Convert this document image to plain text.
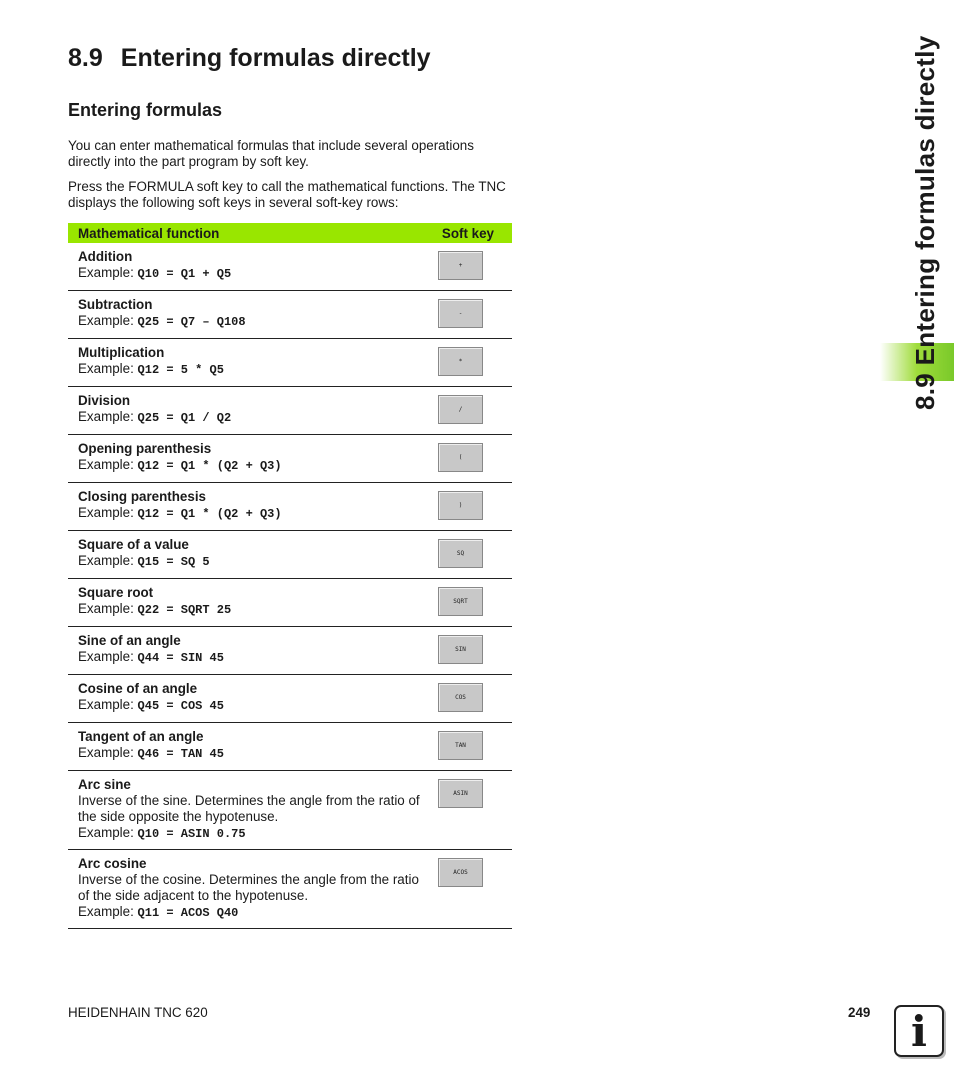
8.9 Entering formulas directly
Entering formulas

You can enter mathematical formulas that include several operations directly into the part program by soft key.

Press the FORMULA soft key to call the mathematical functions. The TNC displays the following soft keys in several soft-key rows:

Mathematical function	Soft key
Addition
Example: Q10 = Q1 + Q5
+
Subtraction
Example: Q25 = Q7 – Q108
-
Multiplication
Example: Q12 = 5 * Q5
*
Division
Example: Q25 = Q1 / Q2
/
Opening parenthesis
Example: Q12 = Q1 * (Q2 + Q3)
(
Closing parenthesis
Example: Q12 = Q1 * (Q2 + Q3)
)
Square of a value
Example: Q15 = SQ 5
SQ
Square root
Example: Q22 = SQRT 25
SQRT
Sine of an angle
Example: Q44 = SIN 45
SIN
Cosine of an angle
Example: Q45 = COS 45
COS
Tangent of an angle
Example: Q46 = TAN 45
TAN
Arc sine
Inverse of the sine. Determines the angle from the ratio of the side opposite the hypotenuse.
Example: Q10 = ASIN 0.75
ASIN
Arc cosine
Inverse of the cosine. Determines the angle from the ratio of the side adjacent to the hypotenuse.
Example: Q11 = ACOS Q40
ACOS
8.9 Entering formulas directly
HEIDENHAIN TNC 620	249 i
